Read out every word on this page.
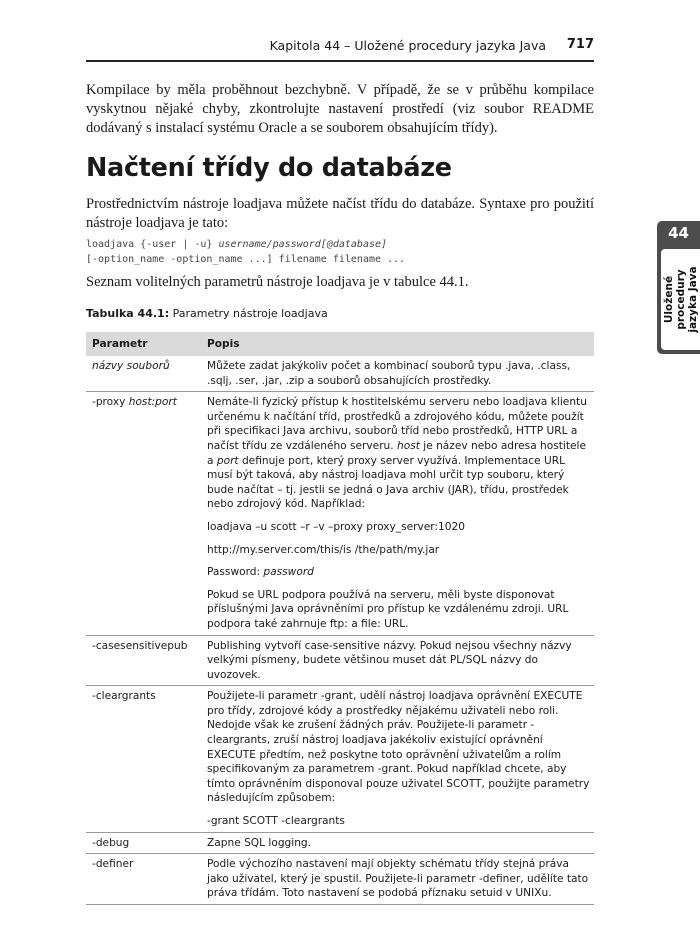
Kapitola 44 – Uložené procedury jazyka Java 717
Kompilace by měla proběhnout bezchybně. V případě, že se v průběhu kompilace vyskytnou nějaké chyby, zkontrolujte nastavení prostředí (viz soubor README dodávaný s instalací systému Oracle a se souborem obsahujícím třídy).
Načtení třídy do databáze
Prostřednictvím nástroje loadjava můžete načíst třídu do databáze. Syntaxe pro použití nástroje loadjava je tato:
loadjava {-user | -u} username/password[@database]
[-option_name -option_name ...] filename filename ...
Seznam volitelných parametrů nástroje loadjava je v tabulce 44.1.
Tabulka 44.1: Parametry nástroje loadjava
Parametr	Popis
názvy souborů	Můžete zadat jakýkoliv počet a kombinací souborů typu .java, .class, .sqlj, .ser, .jar, .zip a souborů obsahujících prostředky.
-proxy host:port	Nemáte-li fyzický přístup k hostitelskému serveru nebo loadjava klientu určenému k načítání tříd, prostředků a zdrojového kódu, můžete použít při specifikaci Java archivu, souborů tříd nebo prostředků, HTTP URL a načíst třídu ze vzdáleného serveru. host je název nebo adresa hostitele a port definuje port, který proxy server využívá. Implementace URL musí být taková, aby nástroj loadjava mohl určit typ souboru, který bude načítat – tj. jestli se jedná o Java archiv (JAR), třídu, prostředek nebo zdrojový kód. Například:

loadjava –u scott –r –v –proxy proxy_server:1020

http://my.server.com/this/is /the/path/my.jar

Password: password

Pokud se URL podpora používá na serveru, měli byste disponovat příslušnými Java oprávněními pro přístup ke vzdálenému zdroji. URL podpora také zahrnuje ftp: a file: URL.

-casesensitivepub	Publishing vytvoří case-sensitive názvy. Pokud nejsou všechny názvy velkými písmeny, budete většinou muset dát PL/SQL názvy do uvozovek.
-cleargrants	Použijete-li parametr -grant, udělí nástroj loadjava oprávnění EXECUTE pro třídy, zdrojové kódy a prostředky nějakému uživateli nebo roli. Nedojde však ke zrušení žádných práv. Použijete-li parametr -cleargrants, zruší nástroj loadjava jakékoliv existující oprávnění EXECUTE předtím, než poskytne toto oprávnění uživatelům a rolím specifikovaným za parametrem -grant. Pokud například chcete, aby tímto oprávněním disponoval pouze uživatel SCOTT, použijte parametry následujícím způsobem:

-grant SCOTT -cleargrants

-debug	Zapne SQL logging.
-definer	Podle výchozího nastavení mají objekty schématu třídy stejná práva jako uživatel, který je spustil. Použijete-li parametr -definer, udělíte tato práva třídám. Toto nastavení se podobá příznaku setuid v UNIXu.
44
Uložené procedury jazyka Java
